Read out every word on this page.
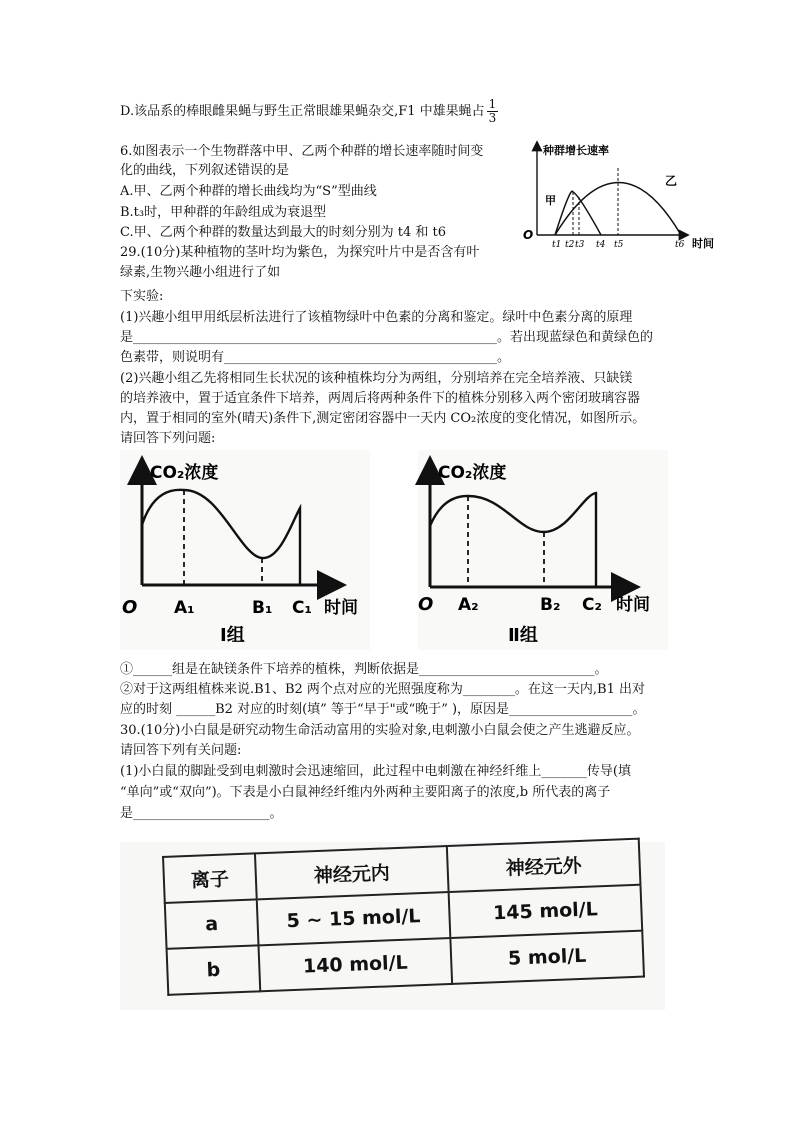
D.该品系的棒眼雌果蝇与野生正常眼雄果蝇杂交,F1 中雄果蝇占 $\frac{1}{3}$
6.如图表示一个生物群落中甲、乙两个种群的增长速率随时间变
化的曲线，下列叙述错误的是
A.甲、乙两个种群的增长曲线均为“S”型曲线
B.t₃时，甲种群的年龄组成为衰退型
C.甲、乙两个种群的数量达到最大的时刻分别为 t4 和 t6
29.(10分)某种植物的茎叶均为紫色，为探究叶片中是否含有叶
绿素,生物兴趣小组进行了如
下实验:
(1)兴趣小组甲用纸层析法进行了该植物绿叶中色素的分离和鉴定。绿叶中色素分离的原理
是________________________________________________________。若出现蓝绿色和黄绿色的
色素带，则说明有__________________________________________。
(2)兴趣小组乙先将相同生长状况的该种植株均分为两组，分别培养在完全培养液、只缺镁
的培养液中，置于适宜条件下培养，两周后将两种条件下的植株分别移入两个密闭玻璃容器
内，置于相同的室外(晴天)条件下,测定密闭容器中一天内 CO₂浓度的变化情况，如图所示。
请回答下列问题:
种群增长速率
时间
O
甲
乙
t1 t2 t3 t4 t5	t6
CO₂浓度
O A₁	B₁ C₁ 时间
Ⅰ组
CO₂浓度
O A₂	B₂ C₂ 时间
Ⅱ组
①______组是在缺镁条件下培养的植株，判断依据是___________________________。
②对于这两组植株来说.B1、B2 两个点对应的光照强度称为________。在这一天内,B1 出对
应的时刻 ______B2 对应的时刻(填” 等于“早于"或“晚于” )，原因是___________________。
30.(10分)小白鼠是研究动物生命活动富用的实验对象,电刺激小白鼠会使之产生逃避反应。
请回答下列有关问题:
(1)小白鼠的脚趾受到电刺激时会迅速缩回，此过程中电刺激在神经纤维上_______传导(填
“单向”或“双向”)。下表是小白鼠神经纤维内外两种主要阳离子的浓度,b 所代表的离子
是_____________________。
离子	神经元内	神经元外
a	5 ~ 15 mol/L	145 mol/L
b	140 mol/L	5 mol/L
